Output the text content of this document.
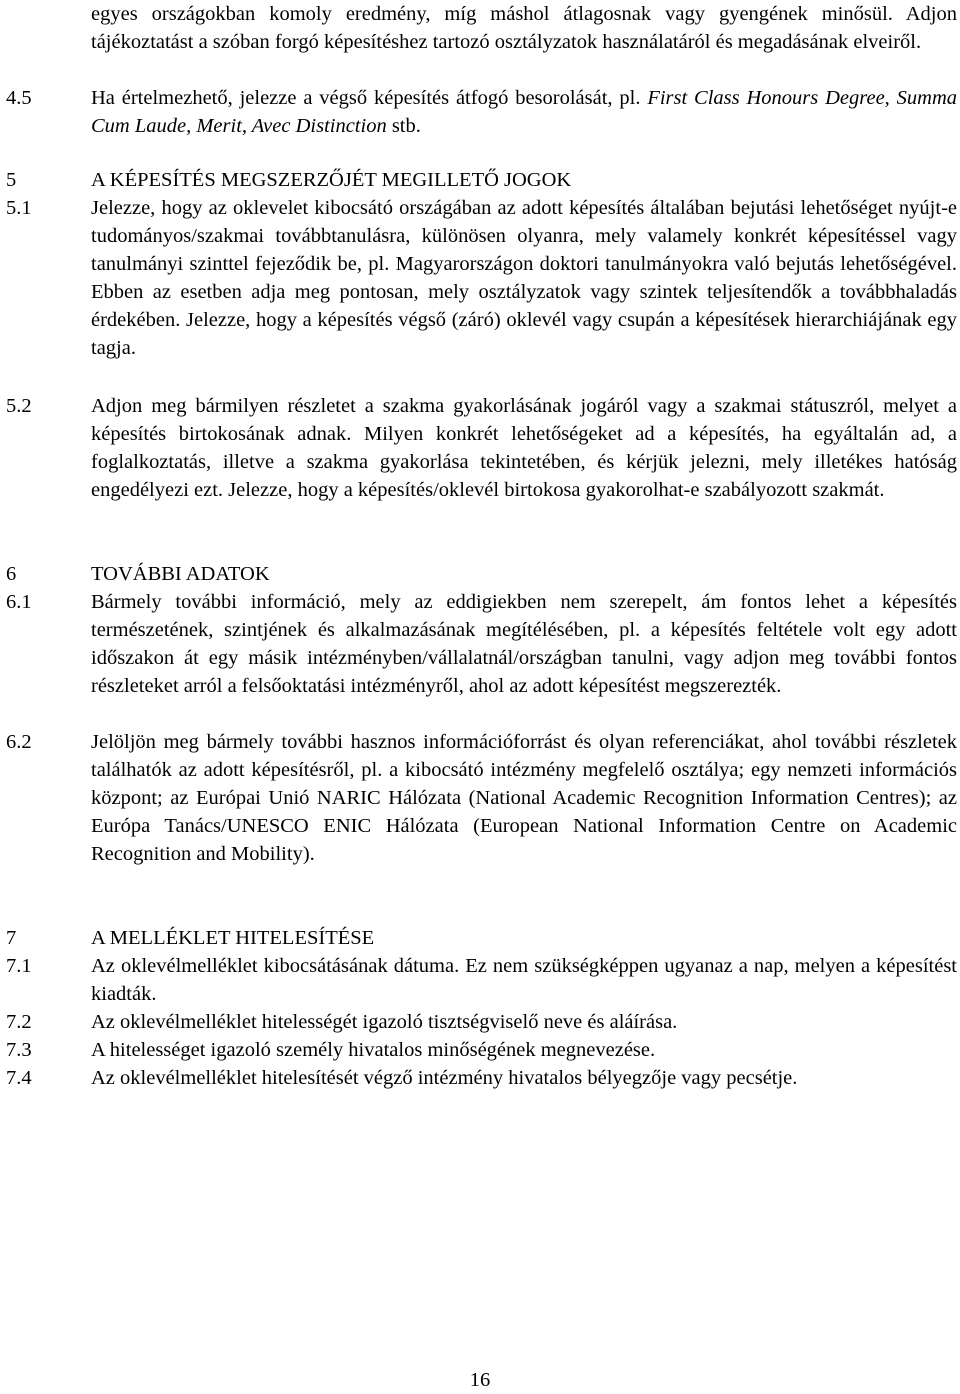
egyes országokban komoly eredmény, míg máshol átlagosnak vagy gyengének minősül. Adjon tájékoztatást a szóban forgó képesítéshez tartozó osztályzatok használatáról és megadásának elveiről.
4.5	Ha értelmezhető, jelezze a végső képesítés átfogó besorolását, pl. First Class Honours Degree, Summa Cum Laude, Merit, Avec Distinction stb.
5	A KÉPESÍTÉS MEGSZERZŐJÉT MEGILLETŐ JOGOK
5.1	Jelezze, hogy az oklevelet kibocsátó országában az adott képesítés általában bejutási lehetőséget nyújt-e tudományos/szakmai továbbtanulásra, különösen olyanra, mely valamely konkrét képesítéssel vagy tanulmányi szinttel fejeződik be, pl. Magyarországon doktori tanulmányokra való bejutás lehetőségével. Ebben az esetben adja meg pontosan, mely osztályzatok vagy szintek teljesítendők a továbbhaladás érdekében. Jelezze, hogy a képesítés végső (záró) oklevél vagy csupán a képesítések hierarchiájának egy tagja.
5.2	Adjon meg bármilyen részletet a szakma gyakorlásának jogáról vagy a szakmai státuszról, melyet a képesítés birtokosának adnak. Milyen konkrét lehetőségeket ad a képesítés, ha egyáltalán ad, a foglalkoztatás, illetve a szakma gyakorlása tekintetében, és kérjük jelezni, mely illetékes hatóság engedélyezi ezt. Jelezze, hogy a képesítés/oklevél birtokosa gyakorolhat-e szabályozott szakmát.
6	TOVÁBBI ADATOK
6.1	Bármely további információ, mely az eddigiekben nem szerepelt, ám fontos lehet a képesítés természetének, szintjének és alkalmazásának megítélésében, pl. a képesítés feltétele volt egy adott időszakon át egy másik intézményben/vállalatnál/országban tanulni, vagy adjon meg további fontos részleteket arról a felsőoktatási intézményről, ahol az adott képesítést megszerezték.
6.2	Jelöljön meg bármely további hasznos információforrást és olyan referenciákat, ahol további részletek találhatók az adott képesítésről, pl. a kibocsátó intézmény megfelelő osztálya; egy nemzeti információs központ; az Európai Unió NARIC Hálózata (National Academic Recognition Information Centres); az Európa Tanács/UNESCO ENIC Hálózata (European National Information Centre on Academic Recognition and Mobility).
7	A MELLÉKLET HITELESÍTÉSE
7.1	Az oklevélmelléklet kibocsátásának dátuma. Ez nem szükségképpen ugyanaz a nap, melyen a képesítést kiadták.
7.2	Az oklevélmelléklet hitelességét igazoló tisztségviselő neve és aláírása.
7.3	A hitelességet igazoló személy hivatalos minőségének megnevezése.
7.4	Az oklevélmelléklet hitelesítését végző intézmény hivatalos bélyegzője vagy pecsétje.
16
